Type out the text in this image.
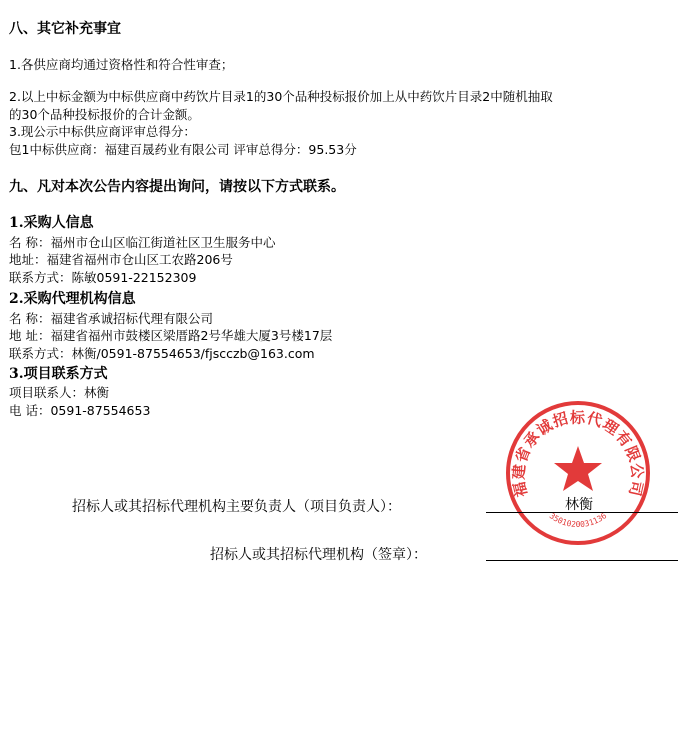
八、其它补充事宜
1.各供应商均通过资格性和符合性审查；
2.以上中标金额为中标供应商中药饮片目录1的30个品种投标报价加上从中药饮片目录2中随机抽取
的30个品种投标报价的合计金额。
3.现公示中标供应商评审总得分：
包1中标供应商：福建百晟药业有限公司 评审总得分：95.53分
九、凡对本次公告内容提出询问，请按以下方式联系。
1.采购人信息
名 称：福州市仓山区临江街道社区卫生服务中心
地址：福建省福州市仓山区工农路206号
联系方式：陈敏0591-22152309
2.采购代理机构信息
名 称：福建省承诚招标代理有限公司
地 址：福建省福州市鼓楼区梁厝路2号华雄大厦3号楼17层
联系方式：林衡/0591-87554653/fjscczb@163.com
3.项目联系方式
项目联系人：林衡
电 话：0591-87554653
福建省承诚招标代理有限公司
3501020031136
招标人或其招标代理机构主要负责人（项目负责人）：	林衡
招标人或其招标代理机构（签章）：
